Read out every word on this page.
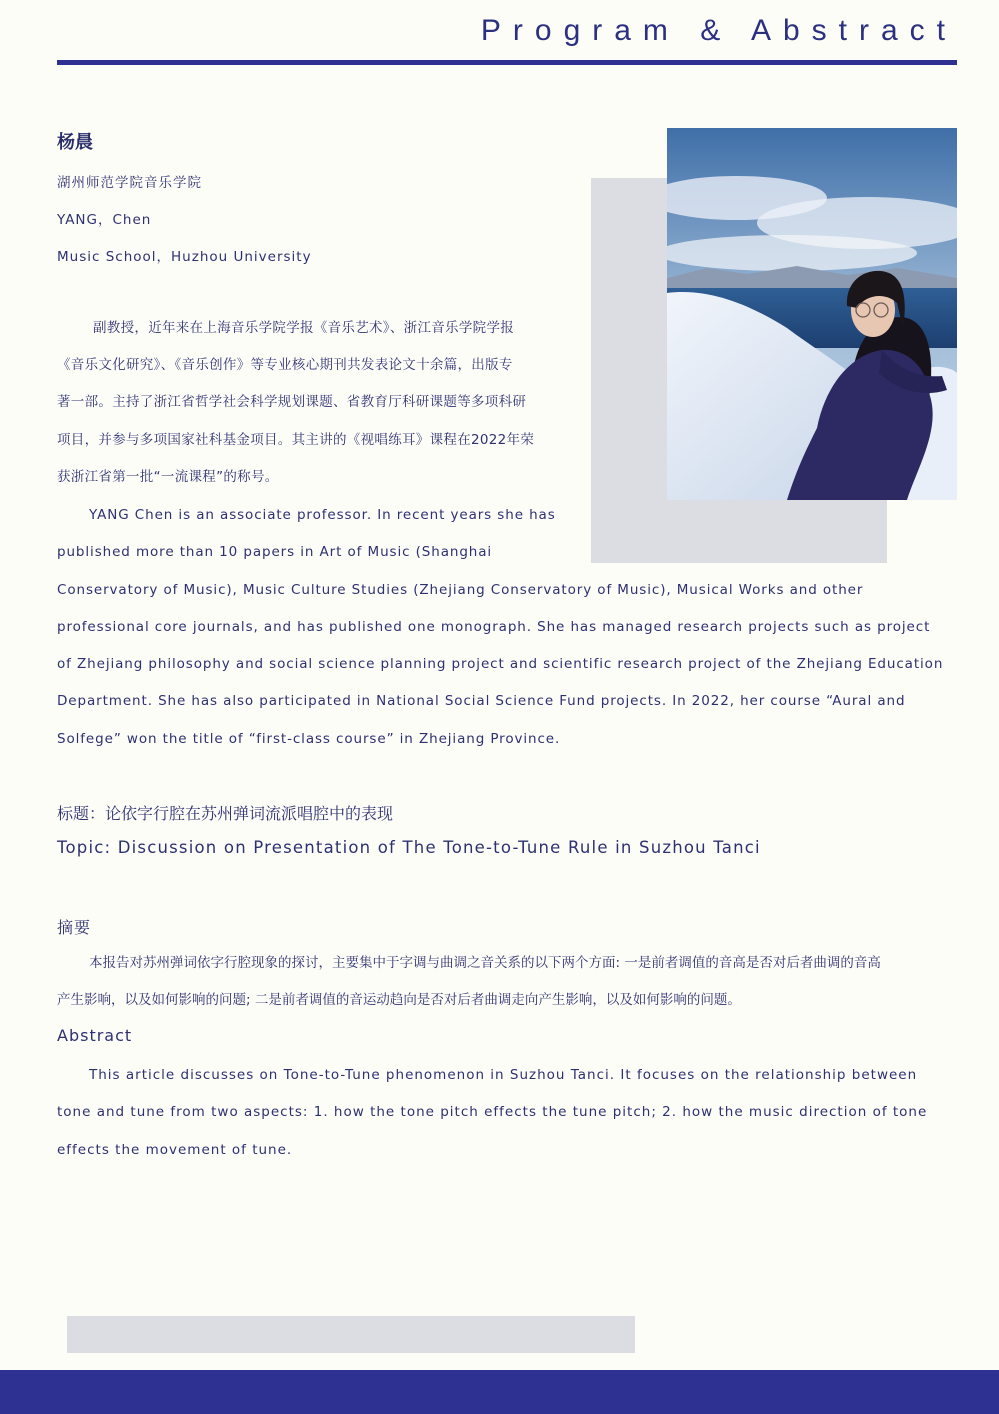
Program & Abstract
杨晨
湖州师范学院音乐学院
YANG，Chen
Music School，Huzhou University
副教授，近年来在上海音乐学院学报《音乐艺术》、浙江音乐学院学报
《音乐文化研究》、《音乐创作》等专业核心期刊共发表论文十余篇，出版专
著一部。主持了浙江省哲学社会科学规划课题、省教育厅科研课题等多项科研
项目，并参与多项国家社科基金项目。其主讲的《视唱练耳》课程在2022年荣
获浙江省第一批“一流课程”的称号。
YANG Chen is an associate professor. In recent years she has
published more than 10 papers in Art of Music (Shanghai
Conservatory of Music), Music Culture Studies (Zhejiang Conservatory of Music), Musical Works and other
professional core journals, and has published one monograph. She has managed research projects such as project
of Zhejiang philosophy and social science planning project and scientific research project of the Zhejiang Education
Department. She has also participated in National Social Science Fund projects. In 2022, her course “Aural and
Solfege” won the title of “first-class course” in Zhejiang Province.
标题：论依字行腔在苏州弹词流派唱腔中的表现
Topic: Discussion on Presentation of The Tone-to-Tune Rule in Suzhou Tanci
摘要
本报告对苏州弹词依字行腔现象的探讨，主要集中于字调与曲调之音关系的以下两个方面: 一是前者调值的音高是否对后者曲调的音高
产生影响，以及如何影响的问题; 二是前者调值的音运动趋向是否对后者曲调走向产生影响，以及如何影响的问题。
Abstract
This article discusses on Tone-to-Tune phenomenon in Suzhou Tanci. It focuses on the relationship between
tone and tune from two aspects: 1. how the tone pitch effects the tune pitch; 2. how the music direction of tone
effects the movement of tune.
